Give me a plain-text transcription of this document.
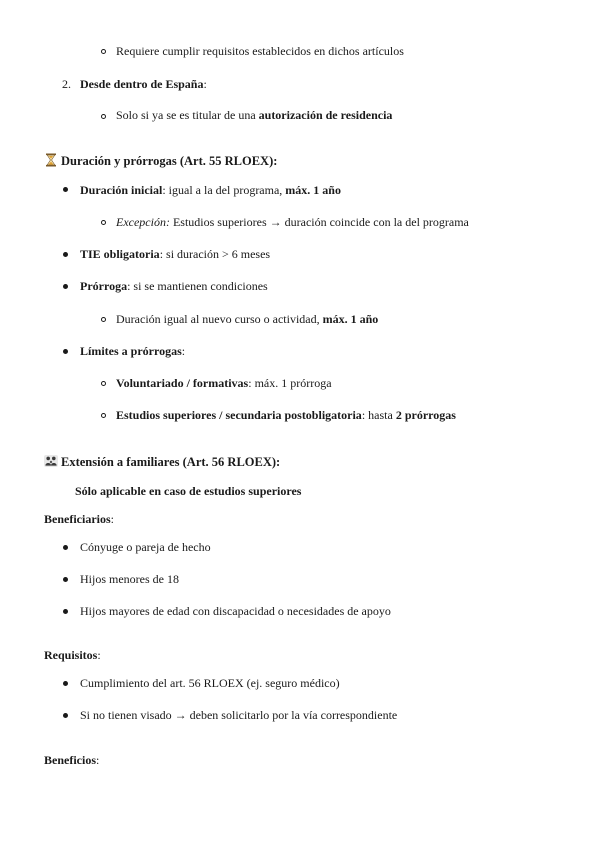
Requiere cumplir requisitos establecidos en dichos artículos
2. Desde dentro de España:
Solo si ya se es titular de una autorización de residencia
Duración y prórrogas (Art. 55 RLOEX):
Duración inicial: igual a la del programa, máx. 1 año
Excepción: Estudios superiores → duración coincide con la del programa
TIE obligatoria: si duración > 6 meses
Prórroga: si se mantienen condiciones
Duración igual al nuevo curso o actividad, máx. 1 año
Límites a prórrogas:
Voluntariado / formativas: máx. 1 prórroga
Estudios superiores / secundaria postobligatoria: hasta 2 prórrogas
Extensión a familiares (Art. 56 RLOEX):
Sólo aplicable en caso de estudios superiores
Beneficiarios:
Cónyuge o pareja de hecho
Hijos menores de 18
Hijos mayores de edad con discapacidad o necesidades de apoyo
Requisitos:
Cumplimiento del art. 56 RLOEX (ej. seguro médico)
Si no tienen visado → deben solicitarlo por la vía correspondiente
Beneficios:
